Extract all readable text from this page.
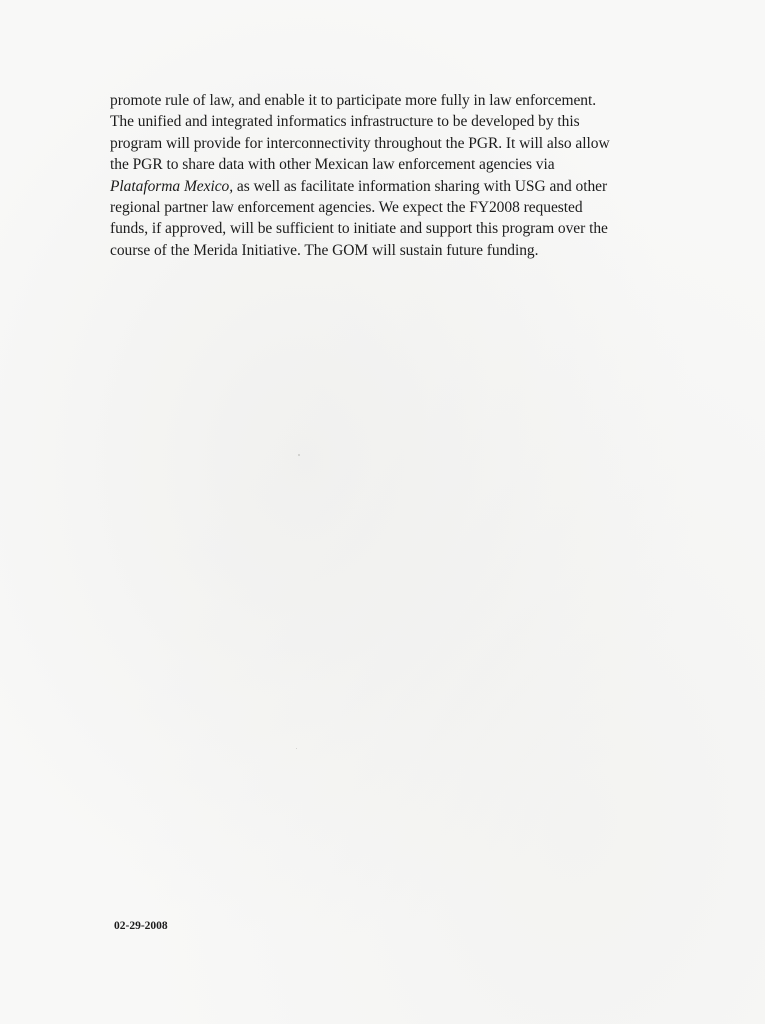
promote rule of law, and enable it to participate more fully in law enforcement.
The unified and integrated informatics infrastructure to be developed by this
program will provide for interconnectivity throughout the PGR. It will also allow
the PGR to share data with other Mexican law enforcement agencies via
Plataforma Mexico, as well as facilitate information sharing with USG and other
regional partner law enforcement agencies. We expect the FY2008 requested
funds, if approved, will be sufficient to initiate and support this program over the
course of the Merida Initiative. The GOM will sustain future funding.

02-29-2008
